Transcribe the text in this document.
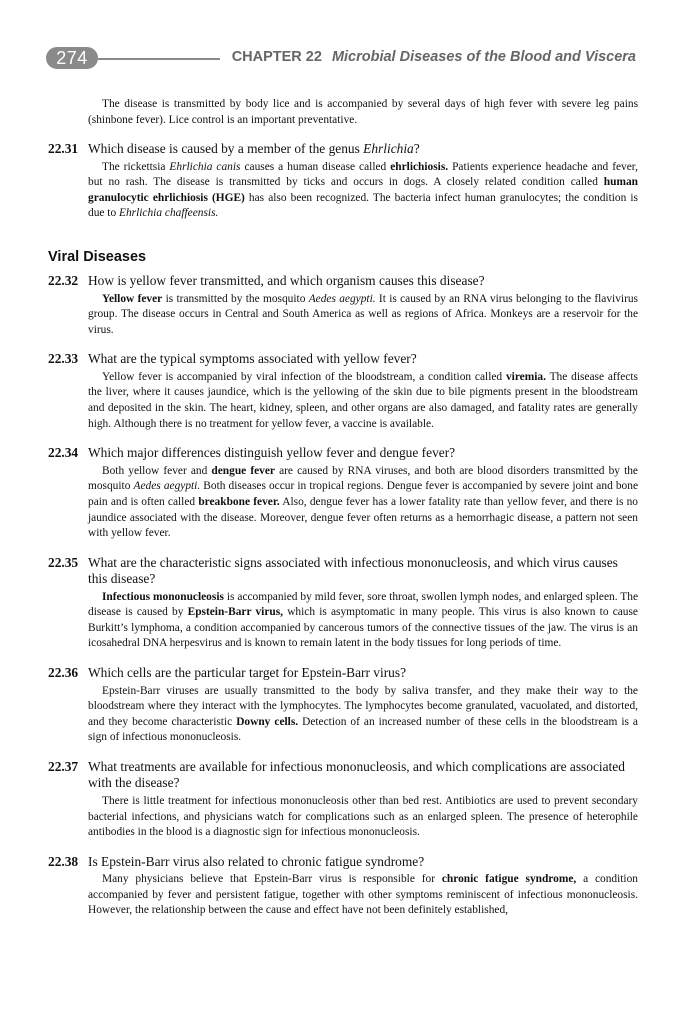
274	CHAPTER 22 Microbial Diseases of the Blood and Viscera

The disease is transmitted by body lice and is accompanied by several days of high fever with severe leg pains (shinbone fever). Lice control is an important preventative.

22.31 Which disease is caused by a member of the genus Ehrlichia?

The rickettsia Ehrlichia canis causes a human disease called ehrlichiosis. Patients experience headache and fever, but no rash. The disease is transmitted by ticks and occurs in dogs. A closely related condition called human granulocytic ehrlichiosis (HGE) has also been recognized. The bacteria infect human granulocytes; the condition is due to Ehrlichia chaffeensis.

Viral Diseases

22.32 How is yellow fever transmitted, and which organism causes this disease?

Yellow fever is transmitted by the mosquito Aedes aegypti. It is caused by an RNA virus belonging to the flavivirus group. The disease occurs in Central and South America as well as regions of Africa. Monkeys are a reservoir for the virus.

22.33 What are the typical symptoms associated with yellow fever?

Yellow fever is accompanied by viral infection of the bloodstream, a condition called viremia. The disease affects the liver, where it causes jaundice, which is the yellowing of the skin due to bile pigments present in the bloodstream and deposited in the skin. The heart, kidney, spleen, and other organs are also damaged, and fatality rates are generally high. Although there is no treatment for yellow fever, a vaccine is available.

22.34 Which major differences distinguish yellow fever and dengue fever?

Both yellow fever and dengue fever are caused by RNA viruses, and both are blood disorders transmitted by the mosquito Aedes aegypti. Both diseases occur in tropical regions. Dengue fever is accompanied by severe joint and bone pain and is often called breakbone fever. Also, dengue fever has a lower fatality rate than yellow fever, and there is no jaundice associated with the disease. Moreover, dengue fever often returns as a hemorrhagic disease, a pattern not seen with yellow fever.

22.35 What are the characteristic signs associated with infectious mononucleosis, and which virus causes this disease?

Infectious mononucleosis is accompanied by mild fever, sore throat, swollen lymph nodes, and enlarged spleen. The disease is caused by Epstein-Barr virus, which is asymptomatic in many people. This virus is also known to cause Burkitt’s lymphoma, a condition accompanied by cancerous tumors of the connective tissues of the jaw. The virus is an icosahedral DNA herpesvirus and is known to remain latent in the body tissues for long periods of time.

22.36 Which cells are the particular target for Epstein-Barr virus?

Epstein-Barr viruses are usually transmitted to the body by saliva transfer, and they make their way to the bloodstream where they interact with the lymphocytes. The lymphocytes become granulated, vacuolated, and distorted, and they become characteristic Downy cells. Detection of an increased number of these cells in the bloodstream is a sign of infectious mononucleosis.

22.37 What treatments are available for infectious mononucleosis, and which complications are associated with the disease?

There is little treatment for infectious mononucleosis other than bed rest. Antibiotics are used to prevent secondary bacterial infections, and physicians watch for complications such as an enlarged spleen. The presence of heterophile antibodies in the blood is a diagnostic sign for infectious mononucleosis.

22.38 Is Epstein-Barr virus also related to chronic fatigue syndrome?

Many physicians believe that Epstein-Barr virus is responsible for chronic fatigue syndrome, a condition accompanied by fever and persistent fatigue, together with other symptoms reminiscent of infectious mononucleosis. However, the relationship between the cause and effect have not been definitely established,
